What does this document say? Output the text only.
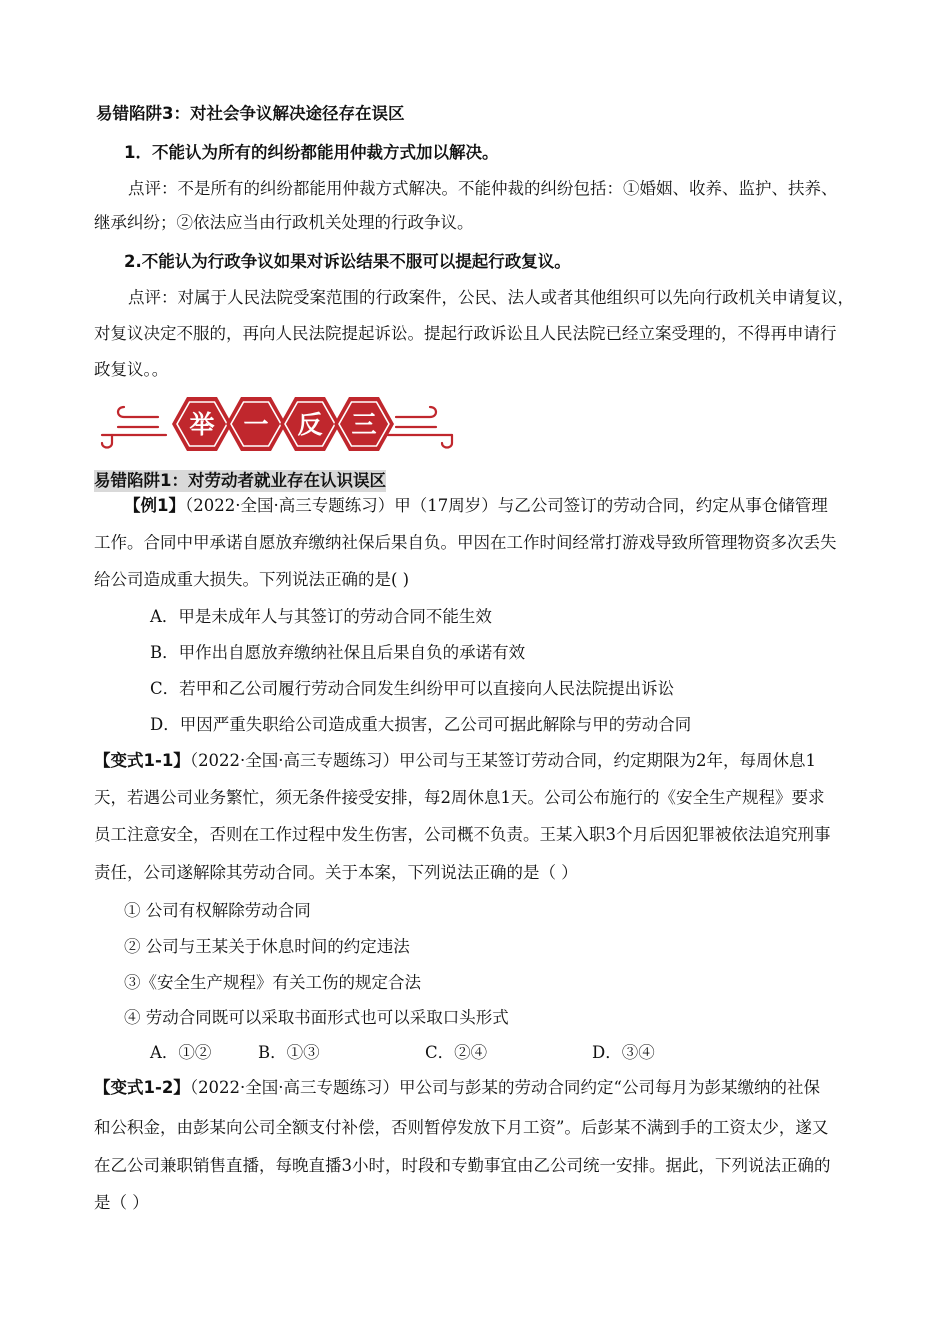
易错陷阱3：对社会争议解决途径存在误区
1．不能认为所有的纠纷都能用仲裁方式加以解决。
点评：不是所有的纠纷都能用仲裁方式解决。不能仲裁的纠纷包括：①婚姻、收养、监护、扶养、
继承纠纷；②依法应当由行政机关处理的行政争议。
2.不能认为行政争议如果对诉讼结果不服可以提起行政复议。
点评：对属于人民法院受案范围的行政案件，公民、法人或者其他组织可以先向行政机关申请复议，
对复议决定不服的，再向人民法院提起诉讼。提起行政诉讼且人民法院已经立案受理的，不得再申请行
政复议。。
举 一 反 三
易错陷阱1：对劳动者就业存在认识误区
【例1】（2022·全国·高三专题练习）甲（17周岁）与乙公司签订的劳动合同，约定从事仓储管理
工作。合同中甲承诺自愿放弃缴纳社保后果自负。甲因在工作时间经常打游戏导致所管理物资多次丢失
给公司造成重大损失。下列说法正确的是( )
A．甲是未成年人与其签订的劳动合同不能生效
B．甲作出自愿放弃缴纳社保且后果自负的承诺有效
C．若甲和乙公司履行劳动合同发生纠纷甲可以直接向人民法院提出诉讼
D．甲因严重失职给公司造成重大损害，乙公司可据此解除与甲的劳动合同
【变式1-1】（2022·全国·高三专题练习）甲公司与王某签订劳动合同，约定期限为2年，每周休息1
天，若遇公司业务繁忙，须无条件接受安排，每2周休息1天。公司公布施行的《安全生产规程》要求
员工注意安全，否则在工作过程中发生伤害，公司概不负责。王某入职3个月后因犯罪被依法追究刑事
责任，公司遂解除其劳动合同。关于本案，下列说法正确的是（ ）
① 公司有权解除劳动合同
② 公司与王某关于休息时间的约定违法
③《安全生产规程》有关工伤的规定合法
④ 劳动合同既可以采取书面形式也可以采取口头形式
A．①②	B．①③	C．②④	D．③④
【变式1-2】（2022·全国·高三专题练习）甲公司与彭某的劳动合同约定“公司每月为彭某缴纳的社保
和公积金，由彭某向公司全额支付补偿，否则暂停发放下月工资”。后彭某不满到手的工资太少，遂又
在乙公司兼职销售直播，每晚直播3小时，时段和专勤事宜由乙公司统一安排。据此，下列说法正确的
是（ ）
